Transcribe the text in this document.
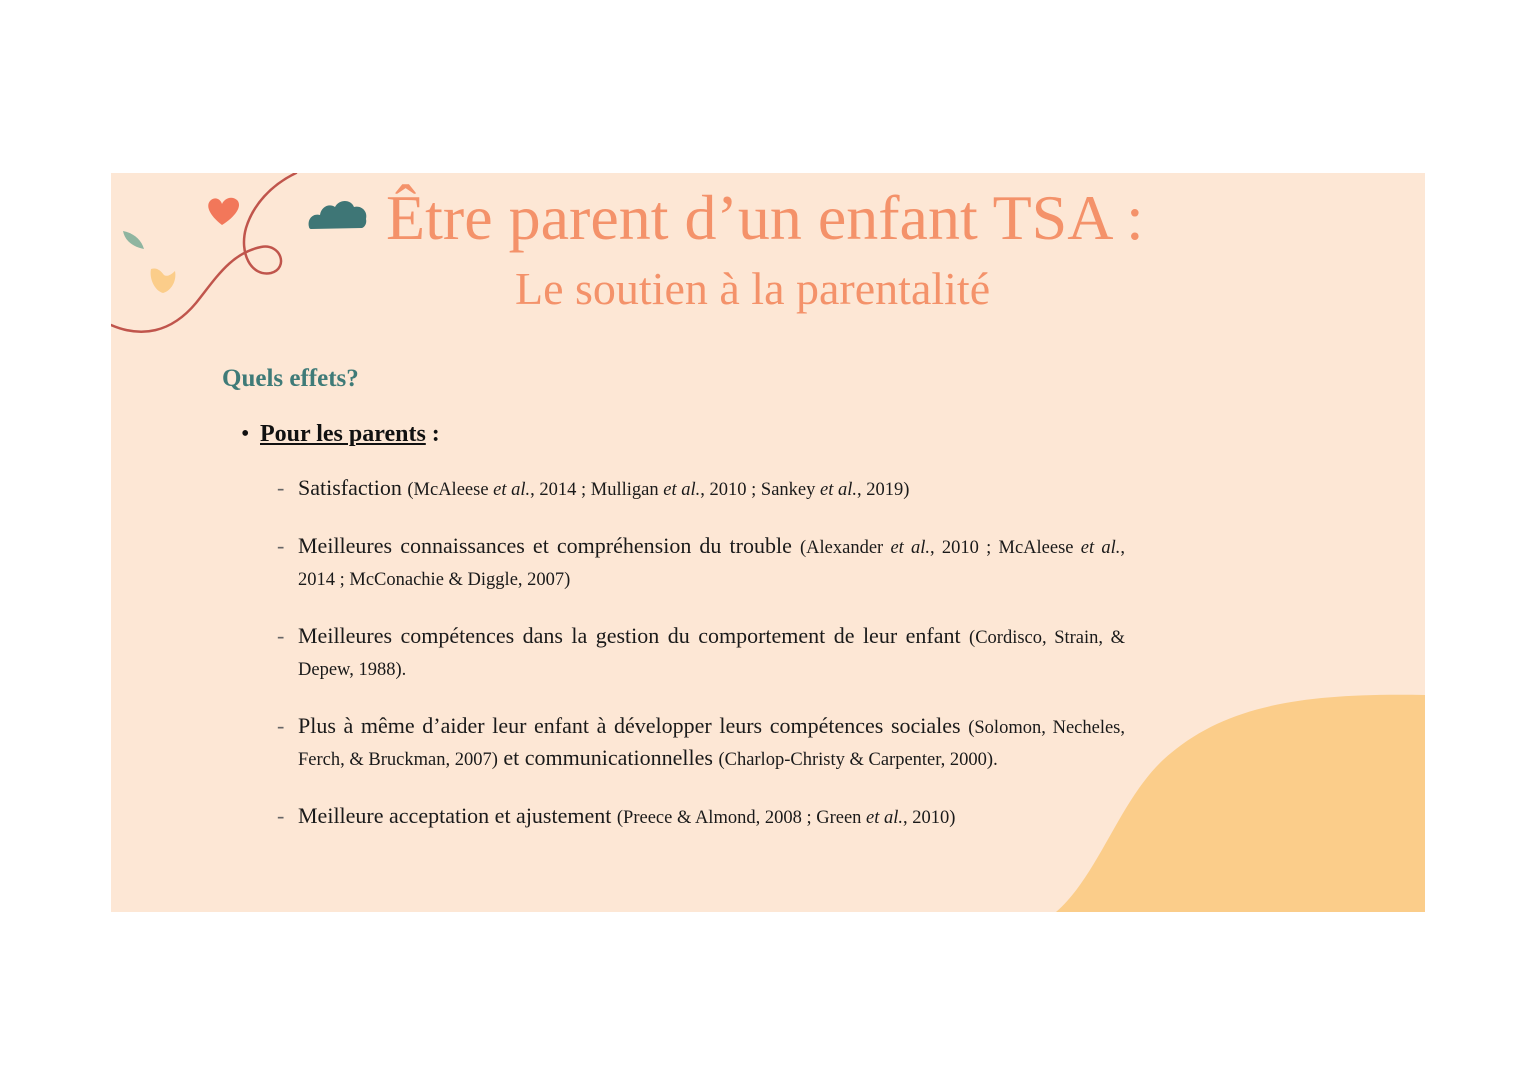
Être parent d’un enfant TSA :
Le soutien à la parentalité
Quels effets?
• Pour les parents :
- Satisfaction (McAleese et al., 2014 ; Mulligan et al., 2010 ; Sankey et al., 2019)
- Meilleures connaissances et compréhension du trouble (Alexander et al., 2010 ; McAleese et al., 2014 ; McConachie & Diggle, 2007)
- Meilleures compétences dans la gestion du comportement de leur enfant (Cordisco, Strain, & Depew, 1988).
- Plus à même d’aider leur enfant à développer leurs compétences sociales (Solomon, Necheles, Ferch, & Bruckman, 2007) et communicationnelles (Charlop-Christy & Carpenter, 2000).
- Meilleure acceptation et ajustement (Preece & Almond, 2008 ; Green et al., 2010)
